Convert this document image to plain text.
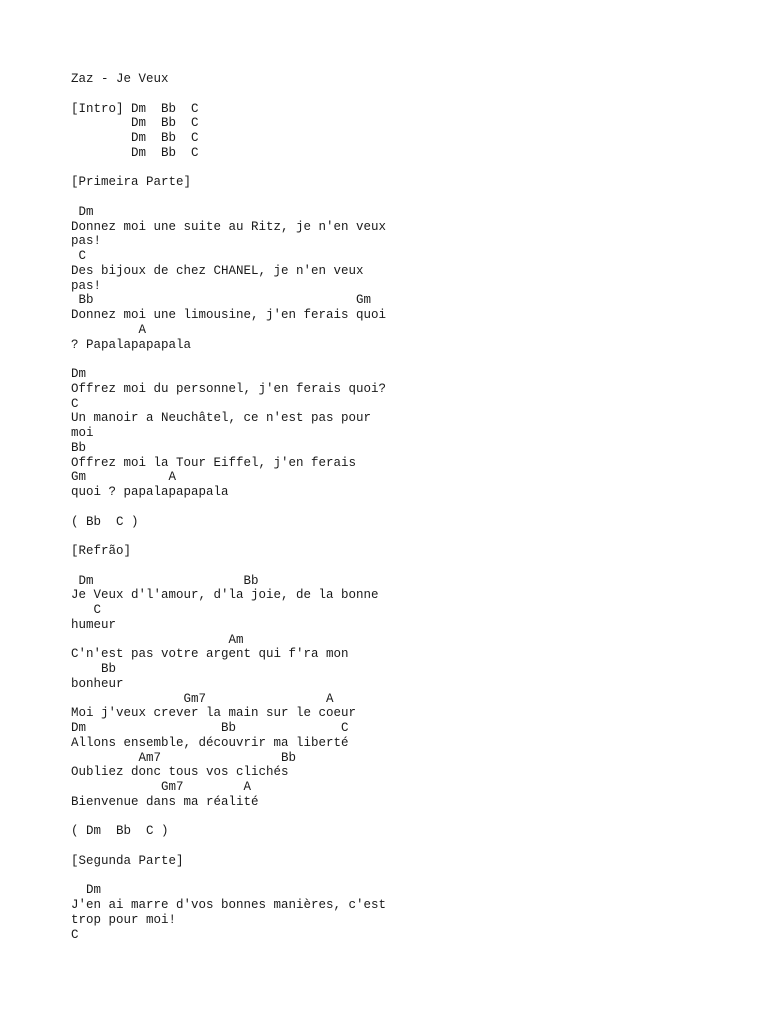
Zaz - Je Veux
[Intro] Dm  Bb  C
Dm  Bb  C
Dm  Bb  C
Dm  Bb  C
[Primeira Parte]
Dm
Donnez moi une suite au Ritz, je n'en veux
pas!
C
Des bijoux de chez CHANEL, je n'en veux
pas!
Bb                                   Gm
Donnez moi une limousine, j'en ferais quoi
A
? Papalapapapala
Dm
Offrez moi du personnel, j'en ferais quoi?
C
Un manoir a Neuchâtel, ce n'est pas pour
moi
Bb
Offrez moi la Tour Eiffel, j'en ferais
Gm           A
quoi ? papalapapapala
( Bb  C )
[Refrão]
Dm                    Bb
Je Veux d'l'amour, d'la joie, de la bonne
C
humeur
Am
C'n'est pas votre argent qui f'ra mon
Bb
bonheur
Gm7                A
Moi j'veux crever la main sur le coeur
Dm                  Bb              C
Allons ensemble, découvrir ma liberté
Am7                Bb
Oubliez donc tous vos clichés
Gm7        A
Bienvenue dans ma réalité
( Dm  Bb  C )
[Segunda Parte]
Dm
J'en ai marre d'vos bonnes manières, c'est
trop pour moi!
C
